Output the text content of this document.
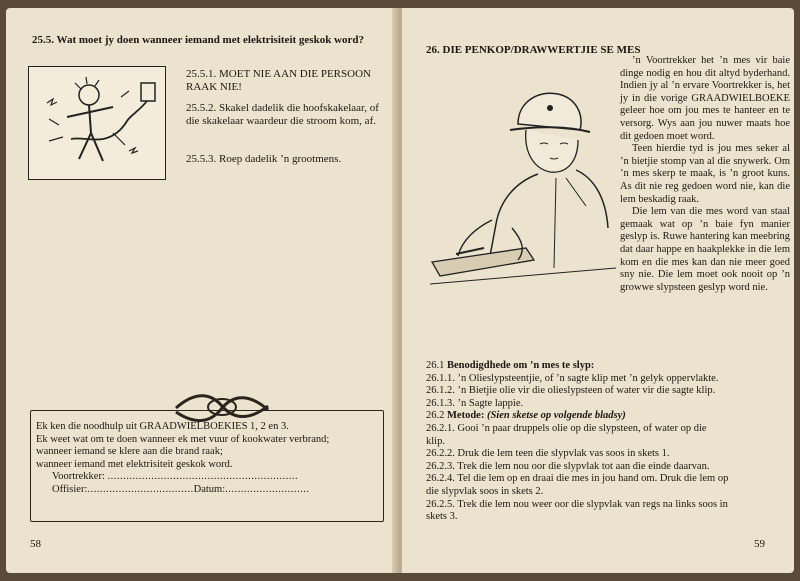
25.5. Wat moet jy doen wanneer iemand met elektrisiteit geskok word?
25.5.1. MOET NIE AAN DIE PERSOON RAAK NIE!
25.5.2. Skakel dadelik die hoofskakelaar, of die skakelaar waardeur die stroom kom, af.
25.5.3. Roep dadelik ’n grootmens.
Ek ken die noodhulp uit GRAADWIELBOEKIES 1, 2 en 3.
Ek weet wat om te doen wanneer ek met vuur of kookwater verbrand;
wanneer iemand se klere aan die brand raak;
wanneer iemand met elektrisiteit geskok word.
Voortrekker: .............................................................
Offisier:..................................Datum:...........................
58
26. DIE PENKOP/DRAWWERTJIE SE MES

’n Voortrekker het ’n mes vir baie dinge nodig en hou dit altyd byderhand. Indien jy al ’n ervare Voortrekker is, het jy in die vorige GRAADWIELBOEKE geleer hoe om jou mes te hanteer en te versorg. Wys aan jou nuwer maats hoe dit gedoen moet word.

Teen hierdie tyd is jou mes seker al ’n bietjie stomp van al die snywerk. Om ’n mes skerp te maak, is ’n groot kuns. As dit nie reg gedoen word nie, kan die lem beskadig raak.

Die lem van die mes word van staal gemaak wat op ’n baie fyn manier geslyp is. Ruwe hantering kan meebring dat daar happe en haakplekke in die lem kom en die mes kan dan nie meer goed sny nie. Die lem moet ook nooit op ’n growwe slypsteen geslyp word nie.

26.1 Benodigdhede om ’n mes te slyp:
26.1.1. ’n Olieslypsteentjie, of ’n sagte klip met ’n gelyk oppervlakte.
26.1.2. ’n Bietjie olie vir die olieslypsteen of water vir die sagte klip.
26.1.3. ’n Sagte lappie.
26.2 Metode: (Sien sketse op volgende bladsy)
26.2.1. Gooi ’n paar druppels olie op die slypsteen, of water op die
klip.
26.2.2. Druk die lem teen die slypvlak vas soos in skets 1.
26.2.3. Trek die lem nou oor die slypvlak tot aan die einde daarvan.
26.2.4. Tel die lem op en draai die mes in jou hand om. Druk die lem op
die slypvlak soos in skets 2.
26.2.5. Trek die lem nou weer oor die slypvlak van regs na links soos in
skets 3.
59
